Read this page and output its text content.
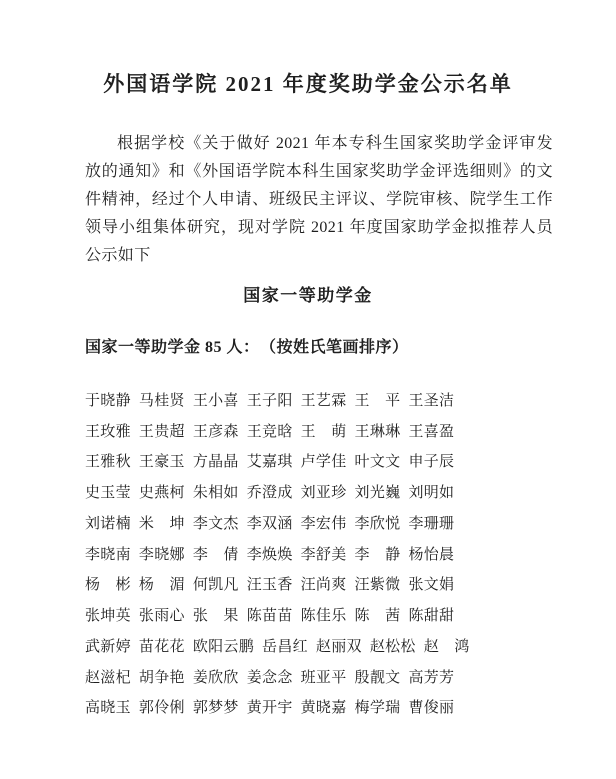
外国语学院 2021 年度奖助学金公示名单
根据学校《关于做好 2021 年本专科生国家奖助学金评审发
放的通知》和《外国语学院本科生国家奖助学金评选细则》的文
件精神，经过个人申请、班级民主评议、学院审核、院学生工作
领导小组集体研究，现对学院 2021 年度国家助学金拟推荐人员
公示如下
国家一等助学金
国家一等助学金 85 人：　（按姓氏笔画排序）
于晓静 马桂贤 王小喜 王子阳 王艺霖 王　平 王圣洁
王玫雅 王贵超 王彦森 王竞晗 王　萌 王琳琳 王喜盈
王雅秋 王豪玉 方晶晶 艾嘉琪 卢学佳 叶文文 申子辰
史玉莹 史燕柯 朱相如 乔澄成 刘亚珍 刘光巍 刘明如
刘诺楠 米　坤 李文杰 李双涵 李宏伟 李欣悦 李珊珊
李晓南 李晓娜 李　倩 李焕焕 李舒美 李　静 杨怡晨
杨　彬 杨　湄 何凯凡 汪玉香 汪尚爽 汪紫微 张文娟
张坤英 张雨心 张　果 陈苗苗 陈佳乐 陈　茜 陈甜甜
武新婷 苗花花 欧阳云鹏 岳昌红 赵丽双 赵松松 赵　鸿
赵滋杞 胡争艳 姜欣欣 姜念念 班亚平 殷靓文 高芳芳
高晓玉 郭伶俐 郭梦梦 黄开宇 黄晓嘉 梅学瑞 曹俊丽
